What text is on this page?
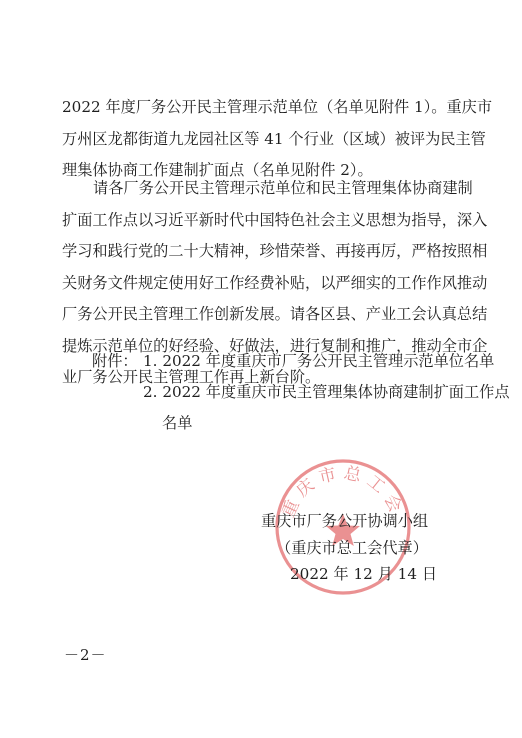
2022 年度厂务公开民主管理示范单位（名单见附件 1）。重庆市
万州区龙都街道九龙园社区等 41 个行业（区域）被评为民主管
理集体协商工作建制扩面点（名单见附件 2）。

请各厂务公开民主管理示范单位和民主管理集体协商建制
扩面工作点以习近平新时代中国特色社会主义思想为指导，深入
学习和践行党的二十大精神，珍惜荣誉、再接再厉，严格按照相
关财务文件规定使用好工作经费补贴，以严细实的工作作风推动
厂务公开民主管理工作创新发展。请各区县、产业工会认真总结
提炼示范单位的好经验、好做法，进行复制和推广，推动全市企
业厂务公开民主管理工作再上新台阶。

附件： 1. 2022 年度重庆市厂务公开民主管理示范单位名单
2. 2022 年度重庆市民主管理集体协商建制扩面工作点
名单
重庆市总工会
重庆市厂务公开协调小组
（重庆市总工会代章）
2022 年 12 月 14 日
－2－
